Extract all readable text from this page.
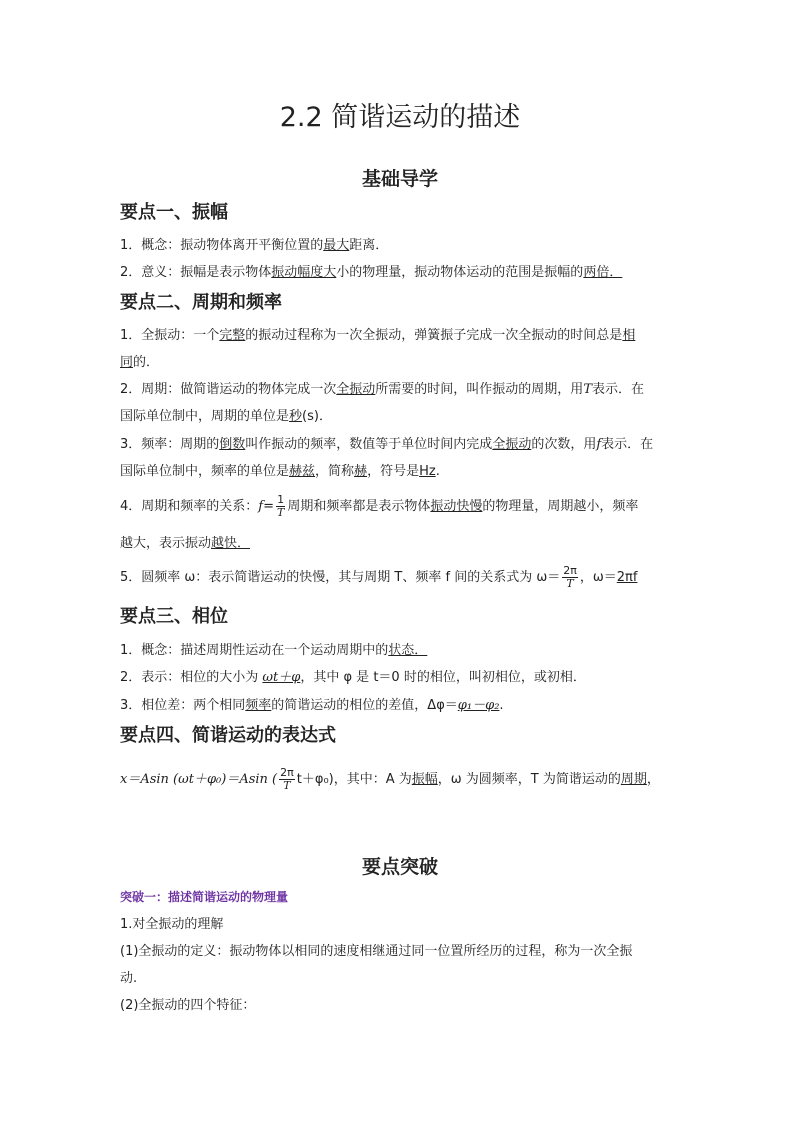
2.2 简谐运动的描述
基础导学
要点一、振幅
1．概念：振动物体离开平衡位置的最大距离．
2．意义：振幅是表示物体振动幅度大小的物理量，振动物体运动的范围是振幅的两倍．
要点二、周期和频率
1．全振动：一个完整的振动过程称为一次全振动，弹簧振子完成一次全振动的时间总是相
同的．
2．周期：做简谐运动的物体完成一次全振动所需要的时间，叫作振动的周期，用T表示．在
国际单位制中，周期的单位是秒(s)．
3．频率：周期的倒数叫作振动的频率，数值等于单位时间内完成全振动的次数，用f表示．在
国际单位制中，频率的单位是赫兹，简称赫，符号是Hz.
4．周期和频率的关系：$f= \frac{1}{T}$ 周期和频率都是表示物体振动快慢的物理量，周期越小，频率
越大，表示振动越快．
5．圆频率 ω：表示简谐运动的快慢，其与周期 T、频率 f 间的关系式为 $\omega= \frac{2\pi}{T}$ ，ω＝2πf
要点三、相位
1．概念：描述周期性运动在一个运动周期中的状态．
2．表示：相位的大小为 ωt＋φ，其中 φ 是 t＝0 时的相位，叫初相位，或初相．
3．相位差：两个相同频率的简谐运动的相位的差值，Δφ＝φ₁－φ₂.
要点四、简谐运动的表达式
x＝Asin (ωt＋φ₀)＝Asin ( $\frac{2\pi}{T} t+\varphi_0$)，其中：A 为振幅，ω 为圆频率，T 为简谐运动的周期，
要点突破
突破一：描述简谐运动的物理量
1.对全振动的理解
(1)全振动的定义：振动物体以相同的速度相继通过同一位置所经历的过程，称为一次全振
动.
(2)全振动的四个特征：
